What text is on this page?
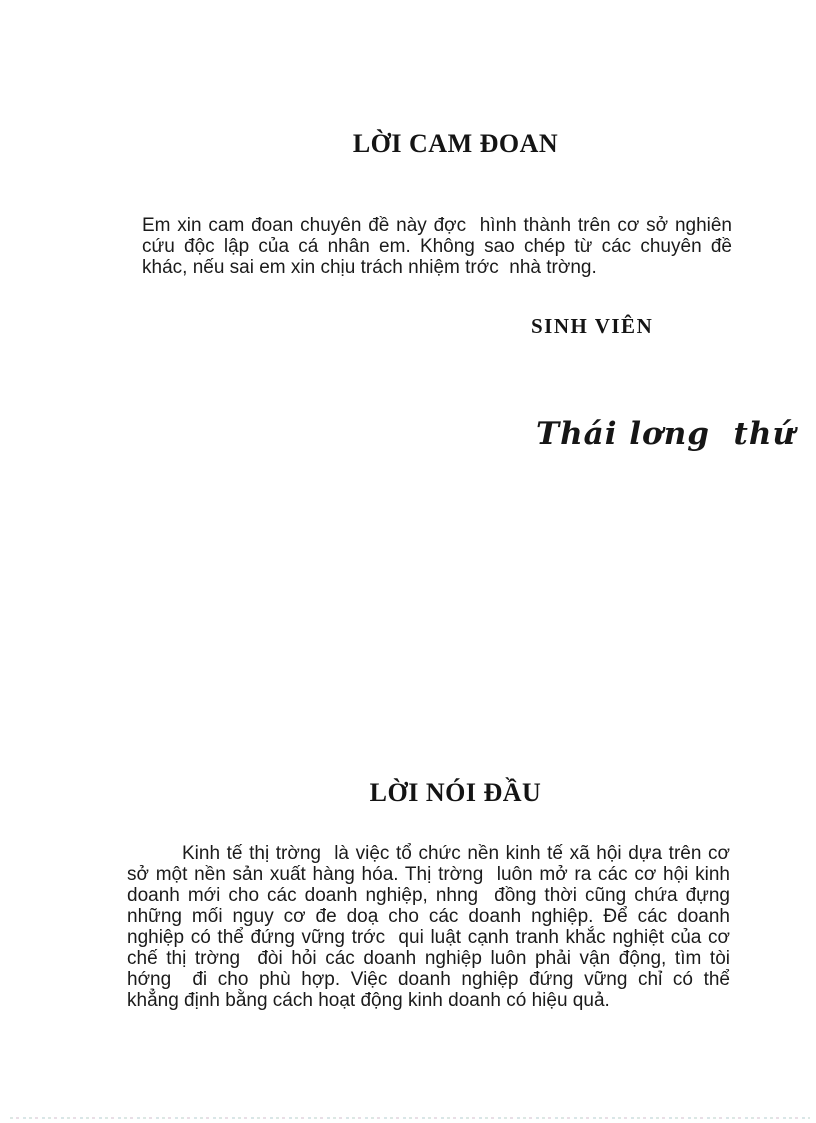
LỜI CAM ĐOAN
Em xin cam đoan chuyên đề này đợc  hình thành trên cơ sở nghiên
cứu độc lập của cá nhân em. Không sao chép từ các chuyên đề
khác, nếu sai em xin chịu trách nhiệm trớc  nhà trờng.
SINH VIÊN
Thái lơng  thứ
LỜI NÓI ĐẦU
Kinh tế thị trờng  là việc tổ chức nền kinh tế xã hội dựa trên cơ
sở một nền sản xuất hàng hóa. Thị trờng  luôn mở ra các cơ hội kinh
doanh mới cho các doanh nghiệp, nhng  đồng thời cũng chứa đựng
những mối nguy cơ đe doạ cho các doanh nghiệp. Để các doanh
nghiệp có thể đứng vững trớc  qui luật cạnh tranh khắc nghiệt của cơ
chế thị trờng  đòi hỏi các doanh nghiệp luôn phải vận động, tìm tòi
hớng  đi cho phù hợp. Việc doanh nghiệp đứng vững chỉ có thể
khẳng định bằng cách hoạt động kinh doanh có hiệu quả.
